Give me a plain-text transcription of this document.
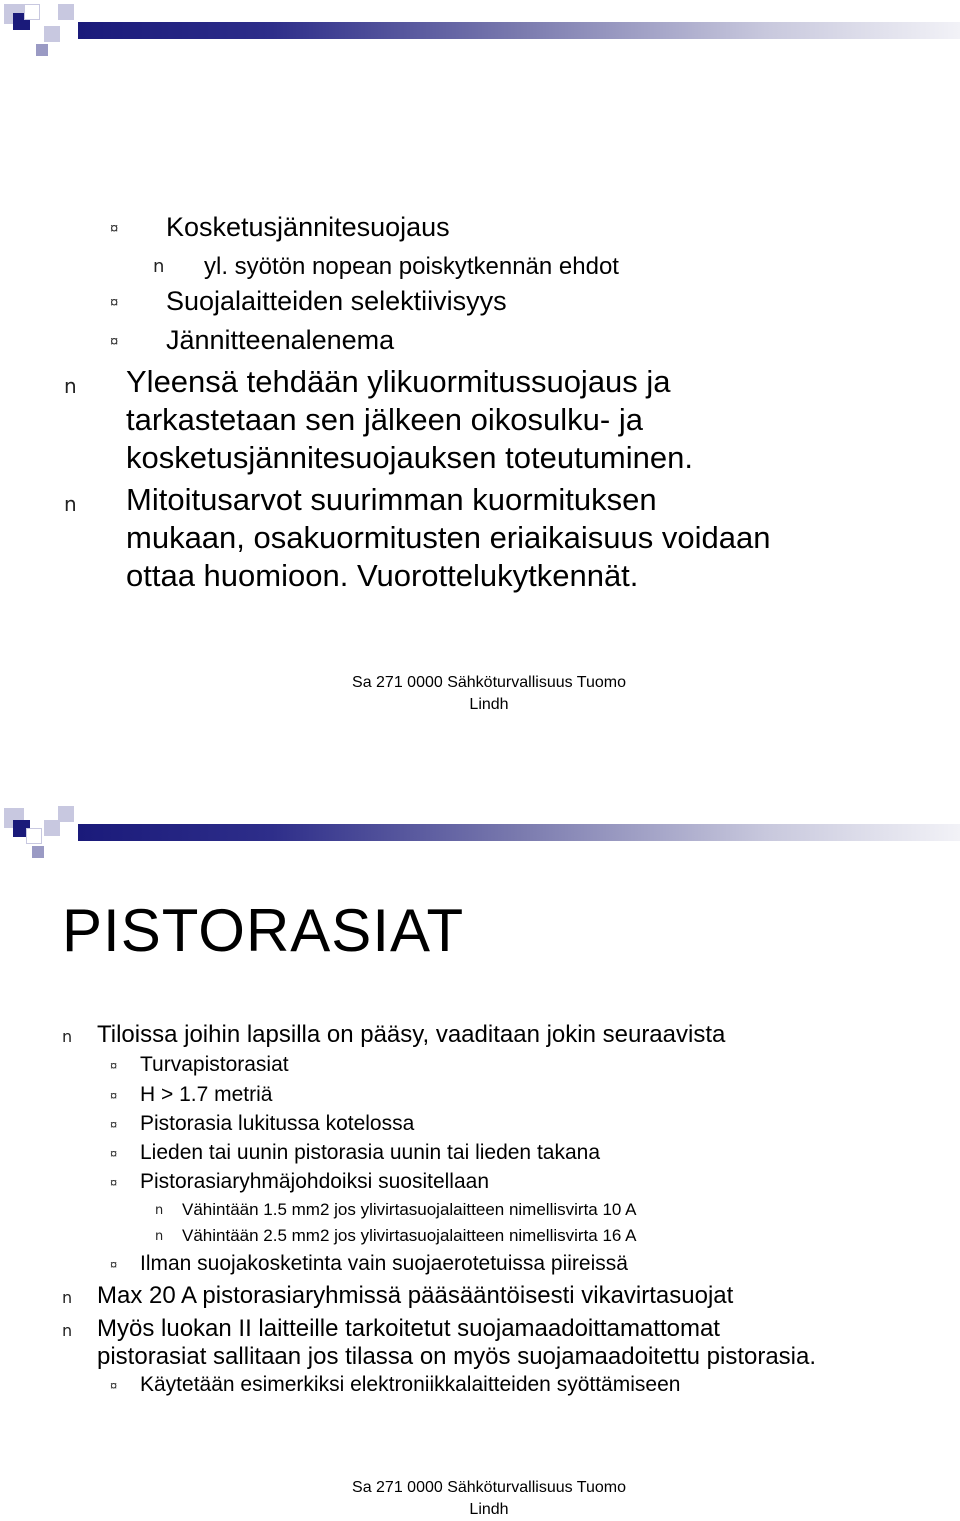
¤ Kosketusjännitesuojaus
n yl. syötön nopean poiskytkennän ehdot
¤ Suojalaitteiden selektiivisyys
¤ Jännitteenalenema
n Yleensä tehdään ylikuormitussuojaus ja
tarkastetaan sen jälkeen oikosulku- ja
kosketusjännitesuojauksen toteutuminen.
n Mitoitusarvot suurimman kuormituksen
mukaan, osakuormitusten eriaikaisuus voidaan
ottaa huomioon. Vuorottelukytkennät.
Sa 271 0000 Sähköturvallisuus Tuomo
Lindh
PISTORASIAT
n Tiloissa joihin lapsilla on pääsy, vaaditaan jokin seuraavista
¤ Turvapistorasiat
¤ H > 1.7 metriä
¤ Pistorasia lukitussa kotelossa
¤ Lieden tai uunin pistorasia uunin tai lieden takana
¤ Pistorasiaryhmäjohdoiksi suositellaan
n Vähintään 1.5 mm2 jos ylivirtasuojalaitteen nimellisvirta 10 A
n Vähintään 2.5 mm2 jos ylivirtasuojalaitteen nimellisvirta 16 A
¤ Ilman suojakosketinta vain suojaerotetuissa piireissä
n Max 20 A pistorasiaryhmissä pääsääntöisesti vikavirtasuojat
n Myös luokan II laitteille tarkoitetut suojamaadoittamattomat
pistorasiat sallitaan jos tilassa on myös suojamaadoitettu pistorasia.
¤ Käytetään esimerkiksi elektroniikkalaitteiden syöttämiseen
Sa 271 0000 Sähköturvallisuus Tuomo
Lindh
